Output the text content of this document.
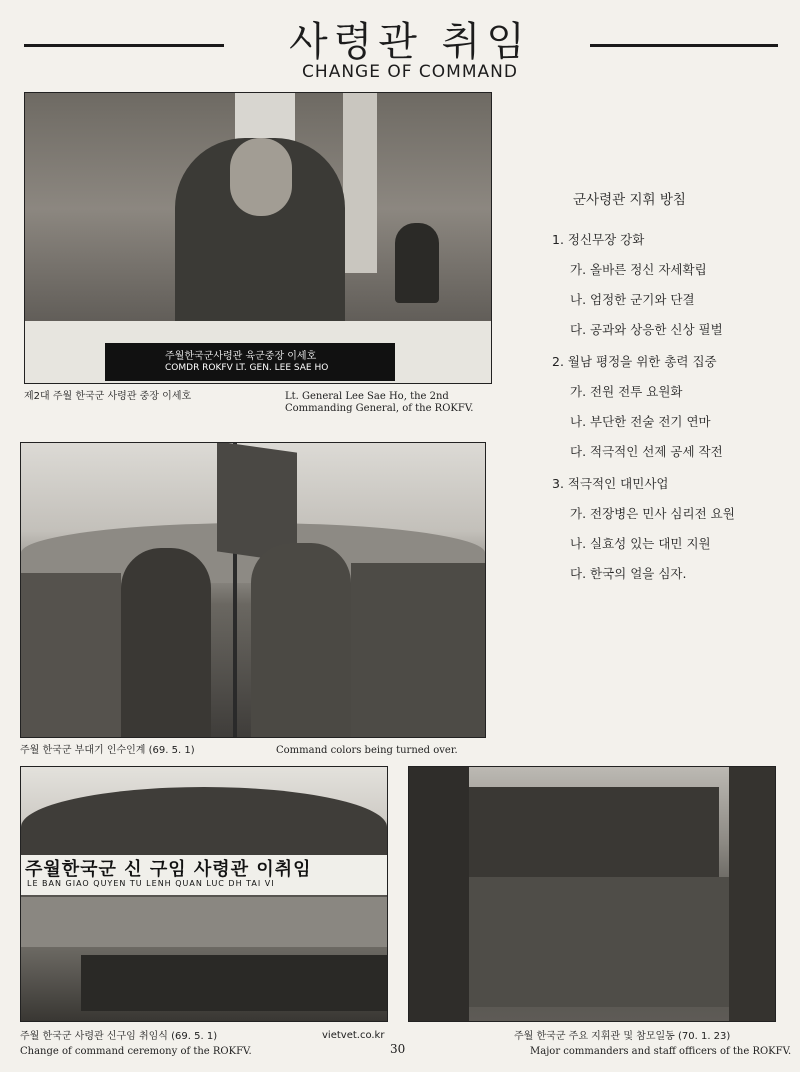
사령관 취임
CHANGE OF COMMAND
주월한국군사령관 육군중장 이세호
COMDR ROKFV LT. GEN. LEE SAE HO
제2대 주월 한국군 사령관 중장 이세호	Lt. General Lee Sae Ho, the 2nd
Commanding General, of the ROKFV.
군사령관 지휘 방침
1. 정신무장 강화
가. 올바른 정신 자세확립
나. 엄정한 군기와 단결
다. 공과와 상응한 신상 필벌
2. 월남 평정을 위한 총력 집중
가. 전원 전투 요원화
나. 부단한 전술 전기 연마
다. 적극적인 선제 공세 작전
3. 적극적인 대민사업
가. 전장병은 민사 심리전 요원
나. 실효성 있는 대민 지원
다. 한국의 얼을 심자.
주월 한국군 부대기 인수인계 (69. 5. 1)	Command colors being turned over.
주월한국군 신 구임 사령관 이취임
LE BAN GIAO QUYEN TU LENH QUAN LUC DH TAI VI
주월 한국군 사령관 신구임 취임식 (69. 5. 1)
Change of command ceremony of the ROKFV.
주월 한국군 주요 지휘관 및 참모일동 (70. 1. 23)
Major commanders and staff officers of the ROKFV.
vietvet.co.kr
30
